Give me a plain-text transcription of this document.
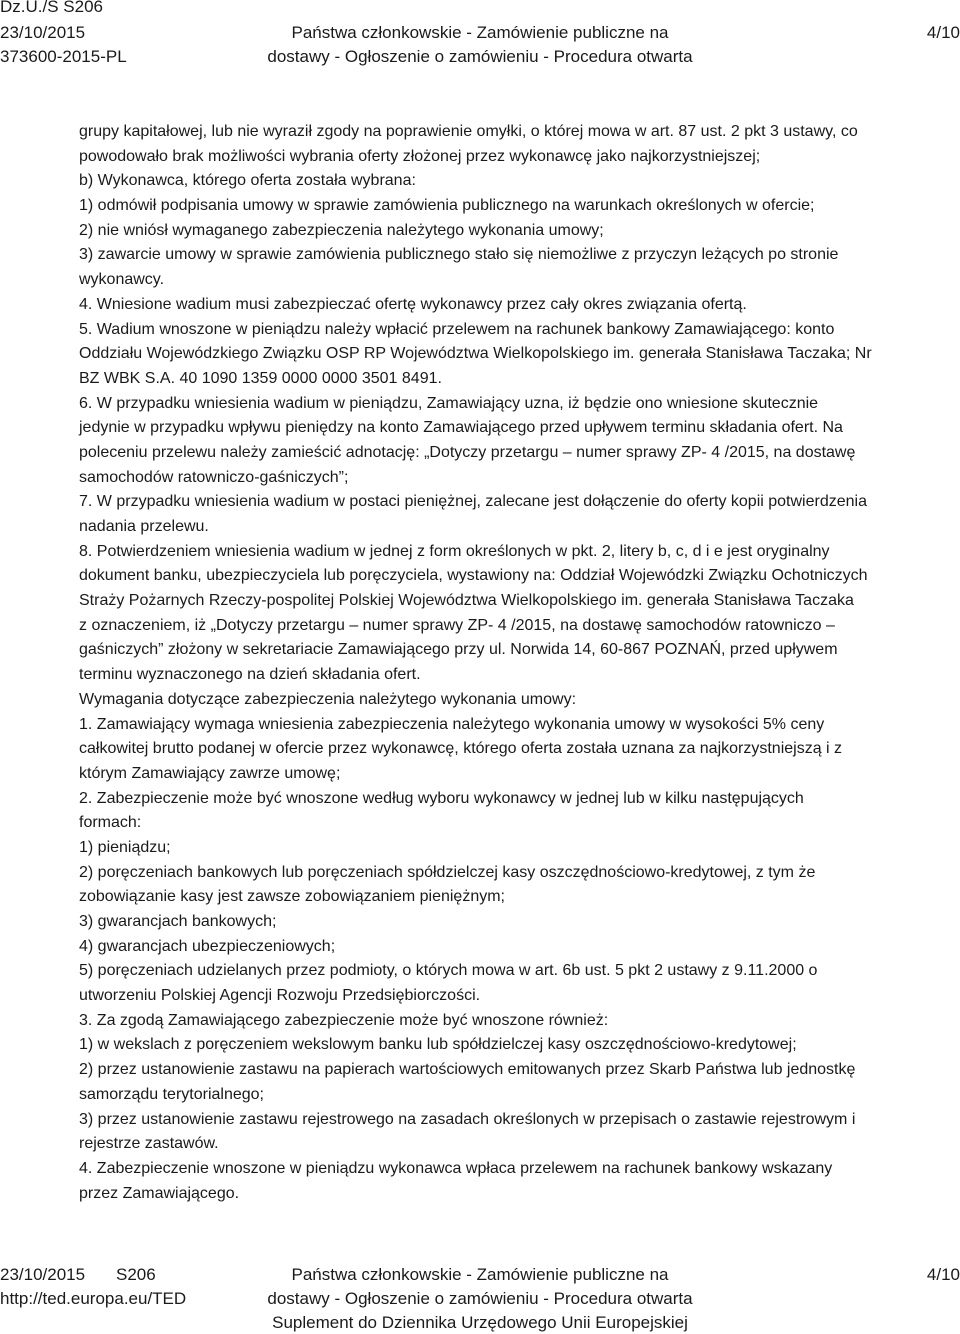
Dz.U./S S206
23/10/2015	Państwa członkowskie - Zamówienie publiczne na	4/10
373600-2015-PL	dostawy - Ogłoszenie o zamówieniu - Procedura otwarta
grupy kapitałowej, lub nie wyraził zgody na poprawienie omyłki, o której mowa w art. 87 ust. 2 pkt 3 ustawy, co
powodowało brak możliwości wybrania oferty złożonej przez wykonawcę jako najkorzystniejszej;
b) Wykonawca, którego oferta została wybrana:
1) odmówił podpisania umowy w sprawie zamówienia publicznego na warunkach określonych w ofercie;
2) nie wniósł wymaganego zabezpieczenia należytego wykonania umowy;
3) zawarcie umowy w sprawie zamówienia publicznego stało się niemożliwe z przyczyn leżących po stronie
wykonawcy.
4. Wniesione wadium musi zabezpieczać ofertę wykonawcy przez cały okres związania ofertą.
5. Wadium wnoszone w pieniądzu należy wpłacić przelewem na rachunek bankowy Zamawiającego: konto
Oddziału Wojewódzkiego Związku OSP RP Województwa Wielkopolskiego im. generała Stanisława Taczaka; Nr
BZ WBK S.A. 40 1090 1359 0000 0000 3501 8491.
6. W przypadku wniesienia wadium w pieniądzu, Zamawiający uzna, iż będzie ono wniesione skutecznie
jedynie w przypadku wpływu pieniędzy na konto Zamawiającego przed upływem terminu składania ofert. Na
poleceniu przelewu należy zamieścić adnotację: „Dotyczy przetargu – numer sprawy ZP- 4 /2015, na dostawę
samochodów ratowniczo-gaśniczych”;
7. W przypadku wniesienia wadium w postaci pieniężnej, zalecane jest dołączenie do oferty kopii potwierdzenia
nadania przelewu.
8. Potwierdzeniem wniesienia wadium w jednej z form określonych w pkt. 2, litery b, c, d i e jest oryginalny
dokument banku, ubezpieczyciela lub poręczyciela, wystawiony na: Oddział Wojewódzki Związku Ochotniczych
Straży Pożarnych Rzeczy-pospolitej Polskiej Województwa Wielkopolskiego im. generała Stanisława Taczaka
z oznaczeniem, iż „Dotyczy przetargu – numer sprawy ZP- 4 /2015, na dostawę samochodów ratowniczo –
gaśniczych” złożony w sekretariacie Zamawiającego przy ul. Norwida 14, 60-867 POZNAŃ, przed upływem
terminu wyznaczonego na dzień składania ofert.
Wymagania dotyczące zabezpieczenia należytego wykonania umowy:
1. Zamawiający wymaga wniesienia zabezpieczenia należytego wykonania umowy w wysokości 5% ceny
całkowitej brutto podanej w ofercie przez wykonawcę, którego oferta została uznana za najkorzystniejszą i z
którym Zamawiający zawrze umowę;
2. Zabezpieczenie może być wnoszone według wyboru wykonawcy w jednej lub w kilku następujących
formach:
1) pieniądzu;
2) poręczeniach bankowych lub poręczeniach spółdzielczej kasy oszczędnościowo-kredytowej, z tym że
zobowiązanie kasy jest zawsze zobowiązaniem pieniężnym;
3) gwarancjach bankowych;
4) gwarancjach ubezpieczeniowych;
5) poręczeniach udzielanych przez podmioty, o których mowa w art. 6b ust. 5 pkt 2 ustawy z 9.11.2000 o
utworzeniu Polskiej Agencji Rozwoju Przedsiębiorczości.
3. Za zgodą Zamawiającego zabezpieczenie może być wnoszone również:
1) w wekslach z poręczeniem wekslowym banku lub spółdzielczej kasy oszczędnościowo-kredytowej;
2) przez ustanowienie zastawu na papierach wartościowych emitowanych przez Skarb Państwa lub jednostkę
samorządu terytorialnego;
3) przez ustanowienie zastawu rejestrowego na zasadach określonych w przepisach o zastawie rejestrowym i
rejestrze zastawów.
4. Zabezpieczenie wnoszone w pieniądzu wykonawca wpłaca przelewem na rachunek bankowy wskazany
przez Zamawiającego.
23/10/2015 S206	Państwa członkowskie - Zamówienie publiczne na	4/10
http://ted.europa.eu/TED	dostawy - Ogłoszenie o zamówieniu - Procedura otwarta
Suplement do Dziennika Urzędowego Unii Europejskiej
